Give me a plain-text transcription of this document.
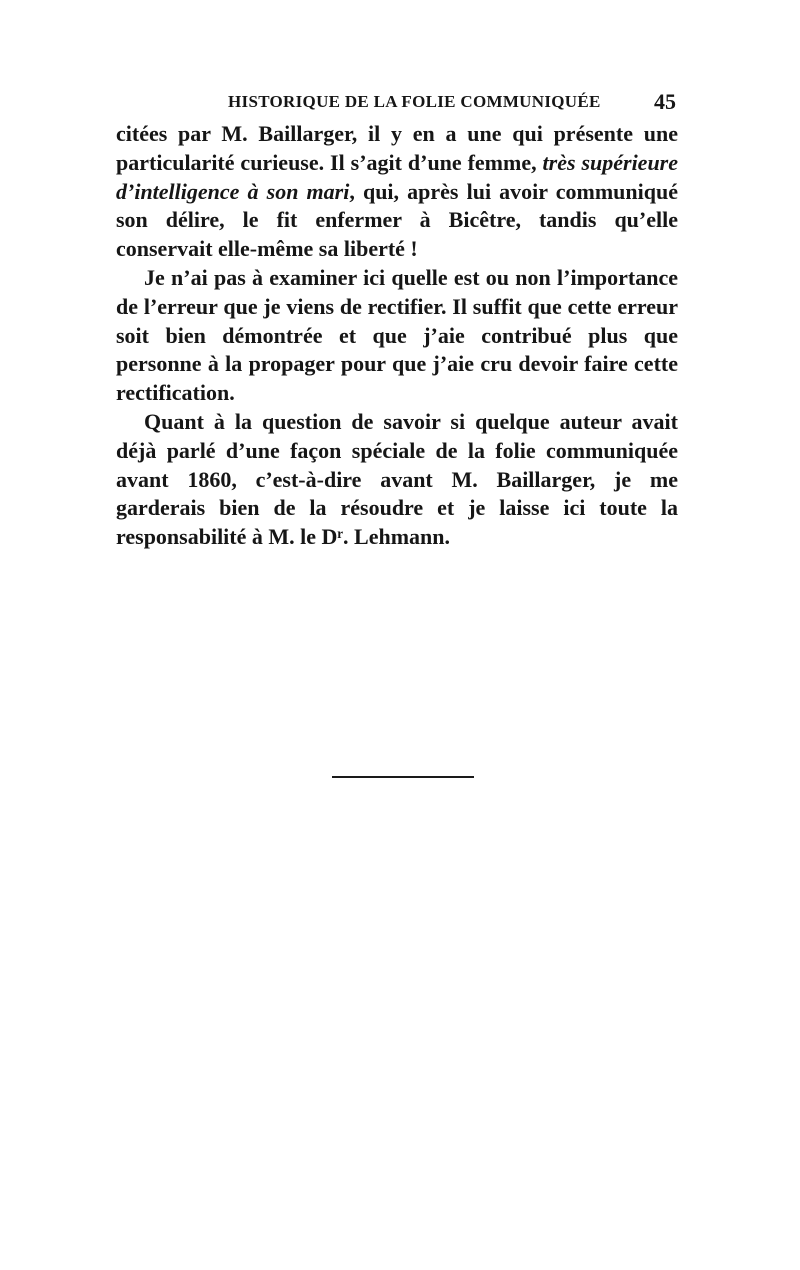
HISTORIQUE DE LA FOLIE COMMUNIQUÉE 45

citées par M. Baillarger, il y en a une qui présente une particularité curieuse. Il s’agit d’une femme, très supérieure d’intelligence à son mari, qui, après lui avoir communiqué son délire, le fit enfermer à Bicêtre, tandis qu’elle conservait elle-même sa liberté !

Je n’ai pas à examiner ici quelle est ou non l’importance de l’erreur que je viens de rectifier. Il suffit que cette erreur soit bien démontrée et que j’aie contribué plus que personne à la propager pour que j’aie cru devoir faire cette rectification.

Quant à la question de savoir si quelque auteur avait déjà parlé d’une façon spéciale de la folie communiquée avant 1860, c’est-à-dire avant M. Baillarger, je me garderais bien de la résoudre et je laisse ici toute la responsabilité à M. le Dʳ. Lehmann.
